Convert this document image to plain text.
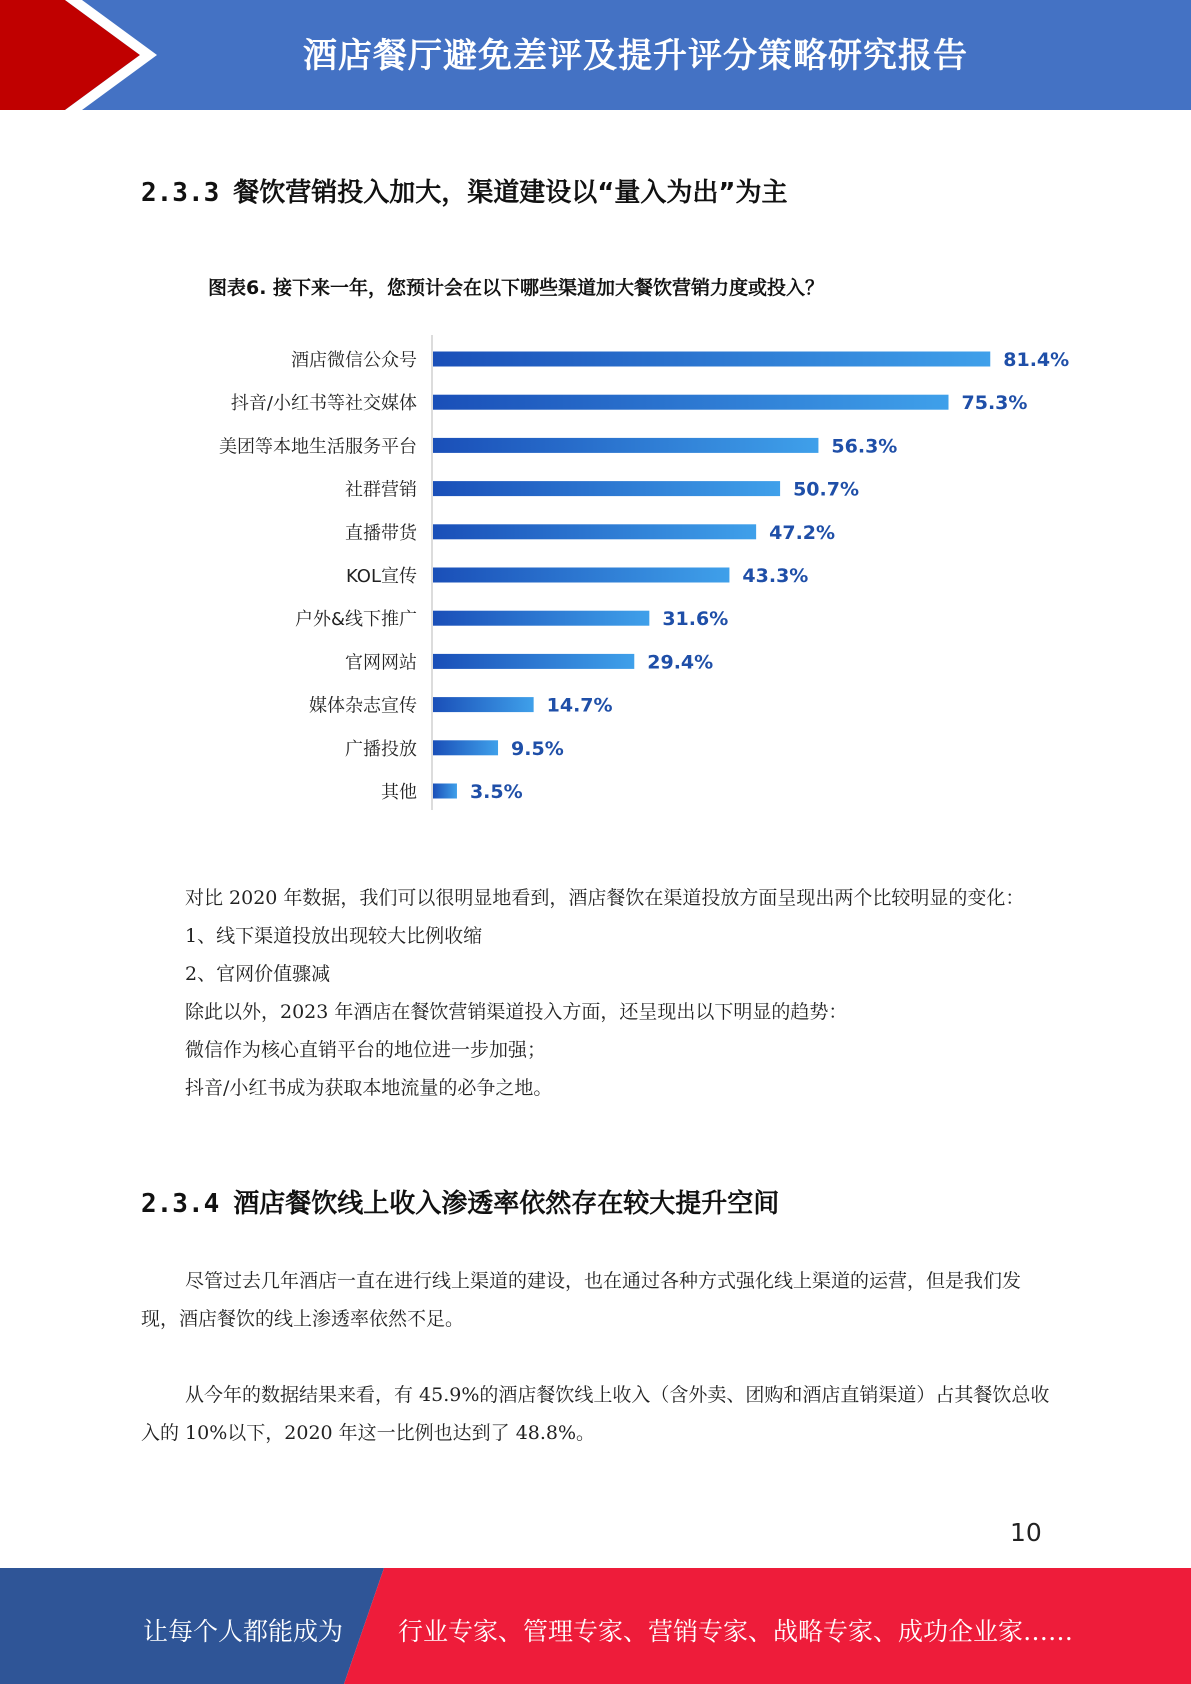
酒店餐厅避免差评及提升评分策略研究报告
2.3.3 餐饮营销投入加大，渠道建设以“量入为出”为主
酒店微信公众号	81.4%
抖音/小红书等社交媒体	75.3%
美团等本地生活服务平台	56.3%
社群营销	50.7%
直播带货	47.2%
KOL宣传	43.3%
户外&线下推广	31.6%
官网网站	29.4%
媒体杂志宣传	14.7%
广播投放	9.5%
其他	3.5%
图表6. 接下来一年，您预计会在以下哪些渠道加大餐饮营销力度或投入？

对比 2020 年数据，我们可以很明显地看到，酒店餐饮在渠道投放方面呈现出两个比较明显的变化：

1、线下渠道投放出现较大比例收缩

2、官网价值骤减

除此以外，2023 年酒店在餐饮营销渠道投入方面，还呈现出以下明显的趋势：

微信作为核心直销平台的地位进一步加强；

抖音/小红书成为获取本地流量的必争之地。

2.3.4 酒店餐饮线上收入渗透率依然存在较大提升空间

尽管过去几年酒店一直在进行线上渠道的建设，也在通过各种方式强化线上渠道的运营，但是我们发现，酒店餐饮的线上渗透率依然不足。

从今年的数据结果来看，有 45.9%的酒店餐饮线上收入（含外卖、团购和酒店直销渠道）占其餐饮总收入的 10%以下，2020 年这一比例也达到了 48.8%。

10
让每个人都能成为 行业专家、管理专家、营销专家、战略专家、成功企业家……
